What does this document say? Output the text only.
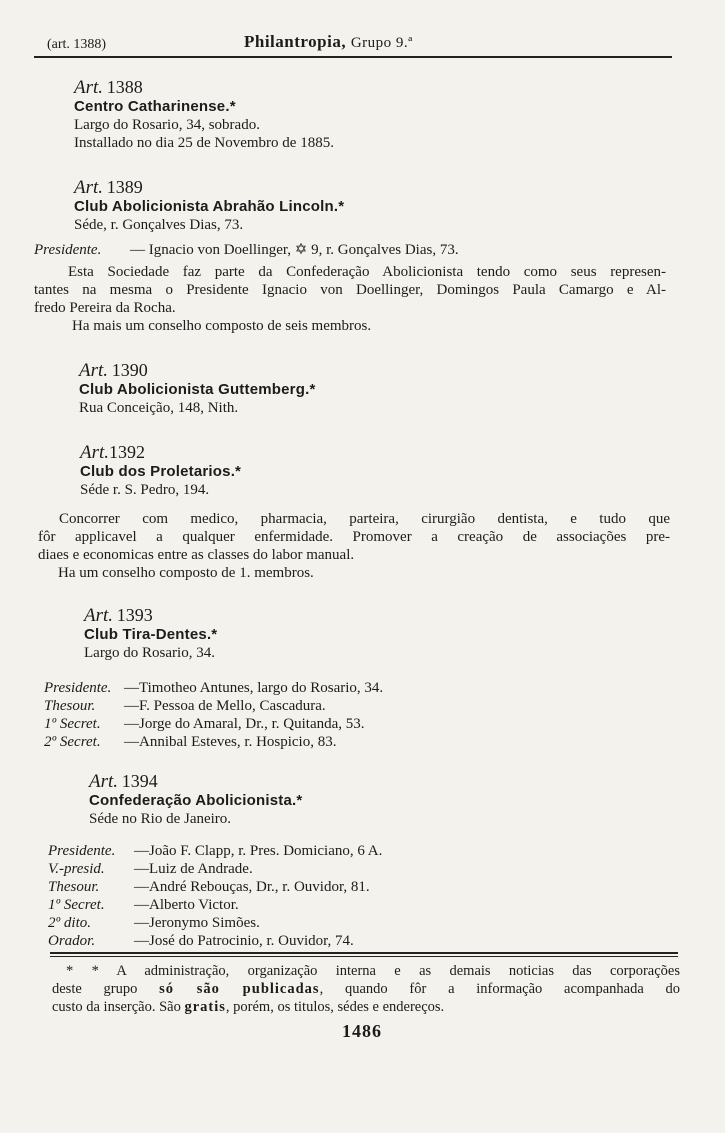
(art. 1388)	Philantropia, Grupo 9.ª
Art. 1388
Centro Catharinense.*
Largo do Rosario, 34, sobrado.
Installado no dia 25 de Novembro de 1885.
Art. 1389
Club Abolicionista Abrahão Lincoln.*
Séde, r. Gonçalves Dias, 73.
Presidente. — Ignacio von Doellinger, ✡ 9, r. Gonçalves Dias, 73.
Esta Sociedade faz parte da Confederação Abolicionista tendo como seus represen-
tantes na mesma o Presidente Ignacio von Doellinger, Domingos Paula Camargo e Al-
fredo Pereira da Rocha.
Ha mais um conselho composto de seis membros.
Art. 1390
Club Abolicionista Guttemberg.*
Rua Conceição, 148, Nith.
Art.1392
Club dos Proletarios.*
Séde r. S. Pedro, 194.
Concorrer com medico, pharmacia, parteira, cirurgião dentista, e tudo que
fôr applicavel a qualquer enfermidade. Promover a creação de associações pre-
diaes e economicas entre as classes do labor manual.
Ha um conselho composto de 1. membros.
Art. 1393
Club Tira-Dentes.*
Largo do Rosario, 34.
Presidente. —Timotheo Antunes, largo do Rosario, 34.
Thesour. —F. Pessoa de Mello, Cascadura.
1º Secret. —Jorge do Amaral, Dr., r. Quitanda, 53.
2º Secret. —Annibal Esteves, r. Hospicio, 83.
Art. 1394
Confederação Abolicionista.*
Séde no Rio de Janeiro.
Presidente. —João F. Clapp, r. Pres. Domiciano, 6 A.
V.-presid. —Luiz de Andrade.
Thesour. —André Rebouças, Dr., r. Ouvidor, 81.
1º Secret. —Alberto Victor.
2º dito.	—Jeronymo Simões.
Orador.	—José do Patrocinio, r. Ouvidor, 74.
* * A administração, organização interna e as demais noticias das corporações
deste grupo só são publicadas, quando fôr a informação acompanhada do
custo da inserção. São gratis, porém, os titulos, sédes e endereços.
1486
